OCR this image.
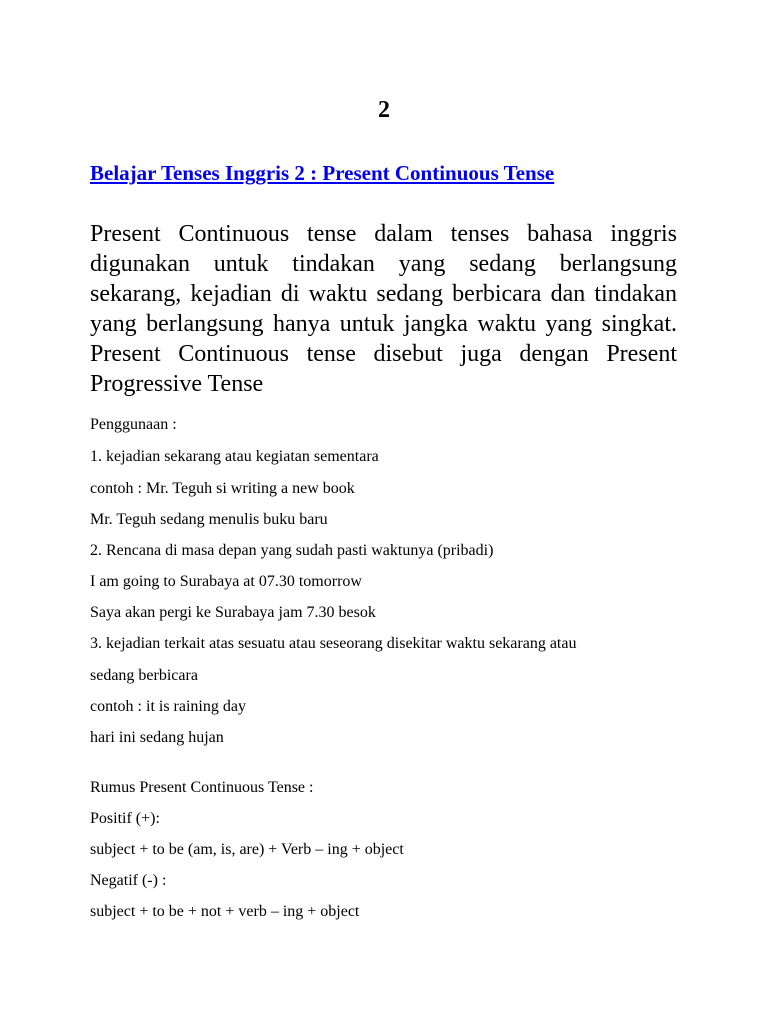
2
Belajar Tenses Inggris 2 : Present Continuous Tense

Present Continuous tense dalam tenses bahasa inggris digunakan untuk tindakan yang sedang berlangsung sekarang, kejadian di waktu sedang berbicara dan tindakan yang berlangsung hanya untuk jangka waktu yang singkat. Present Continuous tense disebut juga dengan Present Progressive Tense

Penggunaan :

1. kejadian sekarang atau kegiatan sementara

contoh : Mr. Teguh si writing a new book

Mr. Teguh sedang menulis buku baru

2. Rencana di masa depan yang sudah pasti waktunya (pribadi)

I am going to Surabaya at 07.30 tomorrow

Saya akan pergi ke Surabaya jam 7.30 besok

3. kejadian terkait atas sesuatu atau seseorang disekitar waktu sekarang atau

sedang berbicara

contoh : it is raining day

hari ini sedang hujan

Rumus Present Continuous Tense :

Positif (+):

subject + to be (am, is, are) + Verb – ing + object

Negatif (-) :

subject + to be + not + verb – ing + object
